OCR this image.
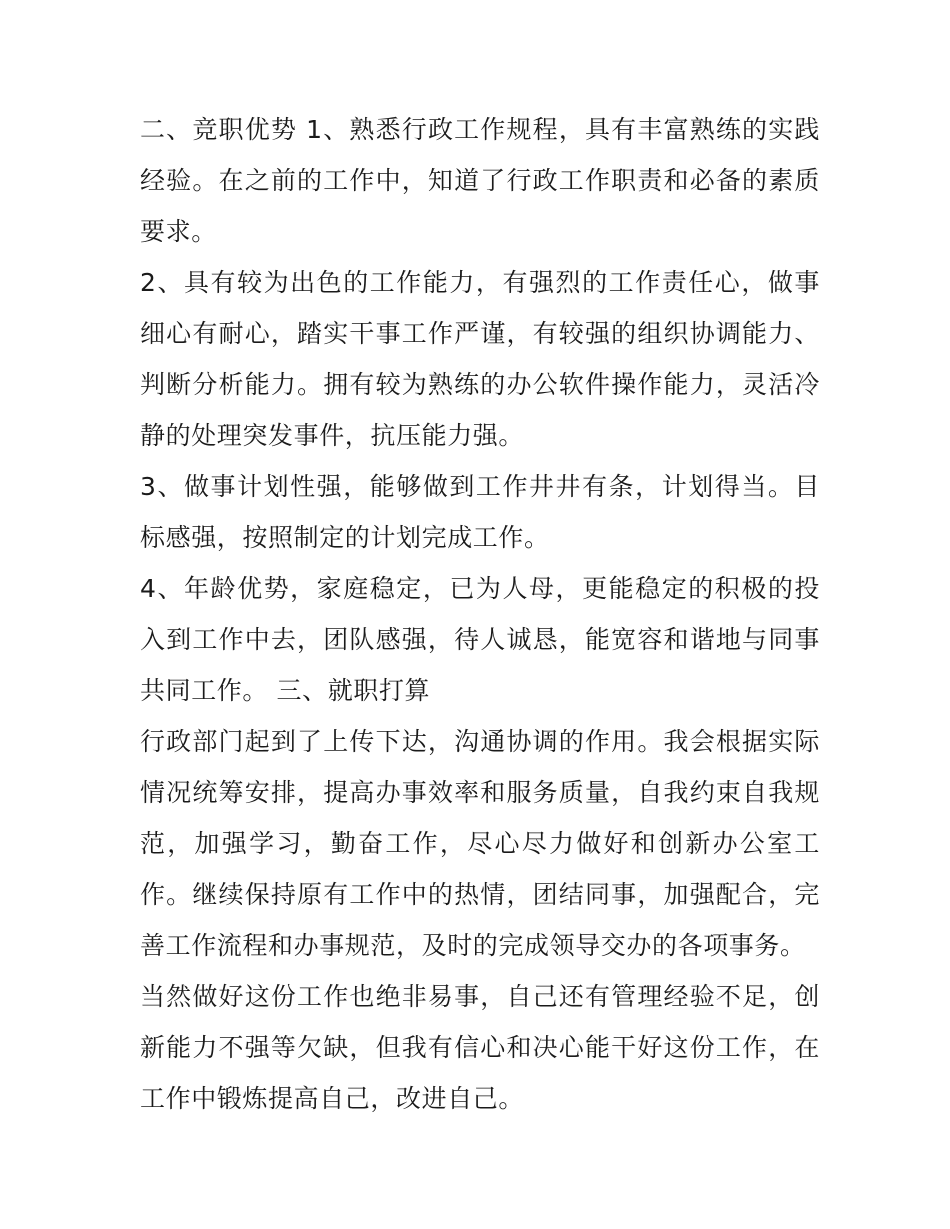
二、竞职优势 1、熟悉行政工作规程，具有丰富熟练的实践经验。在之前的工作中，知道了行政工作职责和必备的素质要求。

2、具有较为出色的工作能力，有强烈的工作责任心，做事细心有耐心，踏实干事工作严谨，有较强的组织协调能力、判断分析能力。拥有较为熟练的办公软件操作能力，灵活冷静的处理突发事件，抗压能力强。

3、做事计划性强，能够做到工作井井有条，计划得当。目标感强，按照制定的计划完成工作。

4、年龄优势，家庭稳定，已为人母，更能稳定的积极的投入到工作中去，团队感强，待人诚恳，能宽容和谐地与同事共同工作。 三、就职打算

行政部门起到了上传下达，沟通协调的作用。我会根据实际情况统筹安排，提高办事效率和服务质量，自我约束自我规范，加强学习，勤奋工作，尽心尽力做好和创新办公室工作。继续保持原有工作中的热情，团结同事，加强配合，完善工作流程和办事规范，及时的完成领导交办的各项事务。

当然做好这份工作也绝非易事，自己还有管理经验不足，创新能力不强等欠缺，但我有信心和决心能干好这份工作，在工作中锻炼提高自己，改进自己。
